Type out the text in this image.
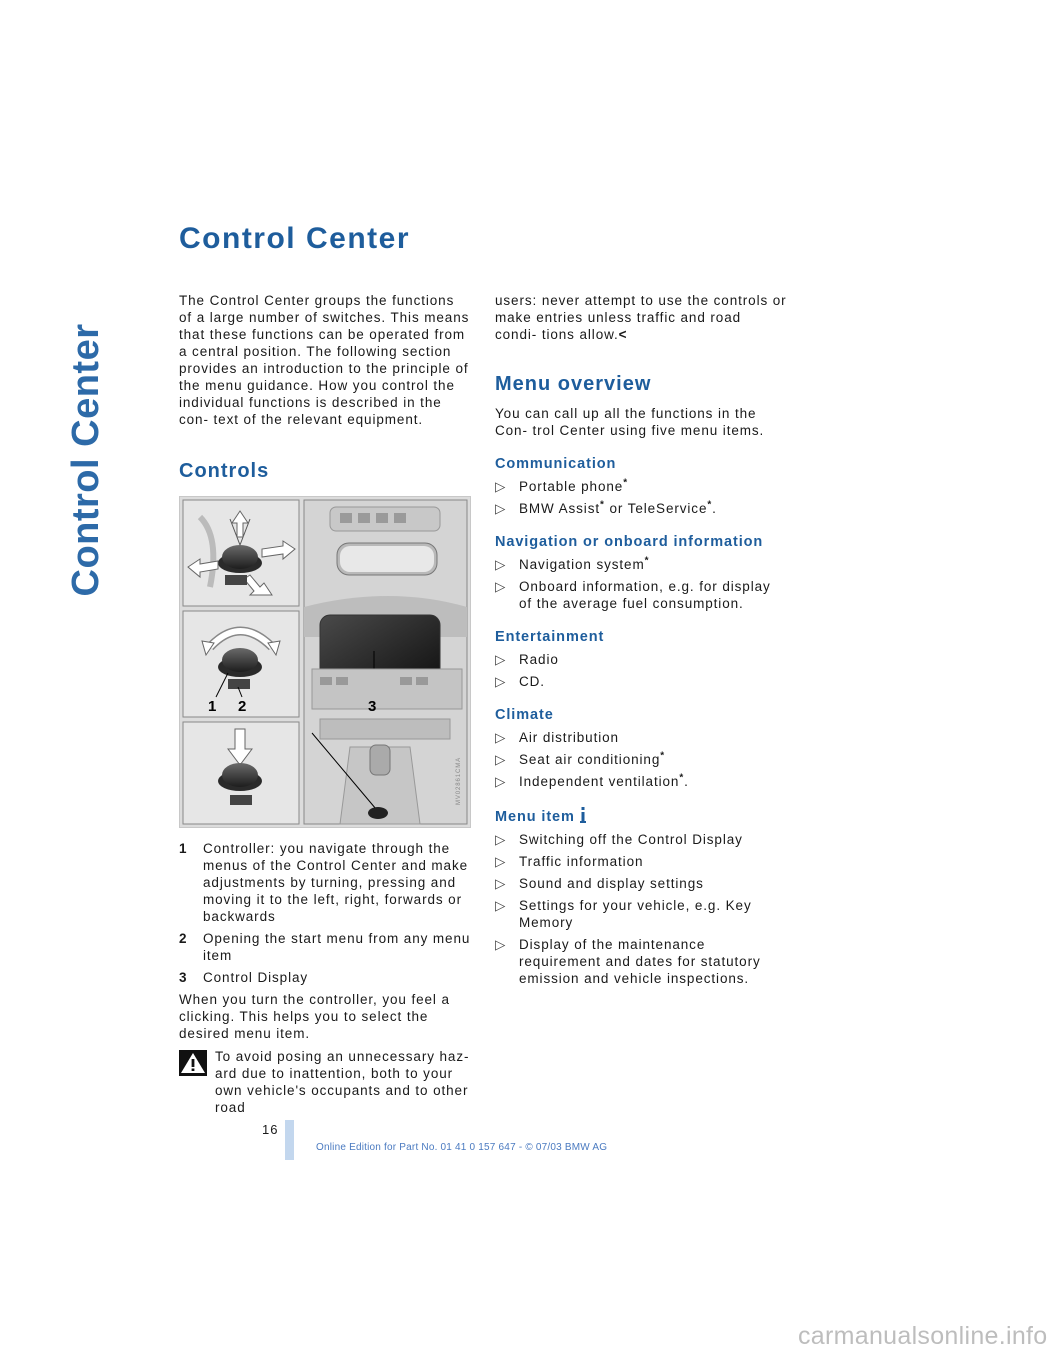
Control Center
Control Center

The Control Center groups the functions of a large number of switches. This means that these functions can be operated from a central position. The following section provides an introduction to the principle of the menu guidance. How you control the individual functions is described in the con- text of the relevant equipment.

Controls
1 2	3
MV02861CMA
1 Controller: you navigate through the menus of the Control Center and make adjustments by turning, pressing and moving it to the left, right, forwards or backwards
2 Opening the start menu from any menu item
3 Control Display

When you turn the controller, you feel a clicking. This helps you to select the desired menu item.

To avoid posing an unnecessary haz- ard due to inattention, both to your own vehicle's occupants and to other road

users: never attempt to use the controls or make entries unless traffic and road condi- tions allow.<

Menu overview

You can call up all the functions in the Con- trol Center using five menu items.

Communication
▷ Portable phone*
▷ BMW Assist* or TeleService*.
Navigation or onboard information
▷ Navigation system*
▷ Onboard information, e.g. for display of the average fuel consumption.
Entertainment
▷ Radio
▷ CD.
Climate
▷ Air distribution
▷ Seat air conditioning*
▷ Independent ventilation*.
Menu item
▷ Switching off the Control Display
▷ Traffic information
▷ Sound and display settings
▷ Settings for your vehicle, e.g. Key Memory
▷ Display of the maintenance requirement and dates for statutory emission and vehicle inspections.
16
Online Edition for Part No. 01 41 0 157 647 - © 07/03 BMW AG
carmanualsonline.info
